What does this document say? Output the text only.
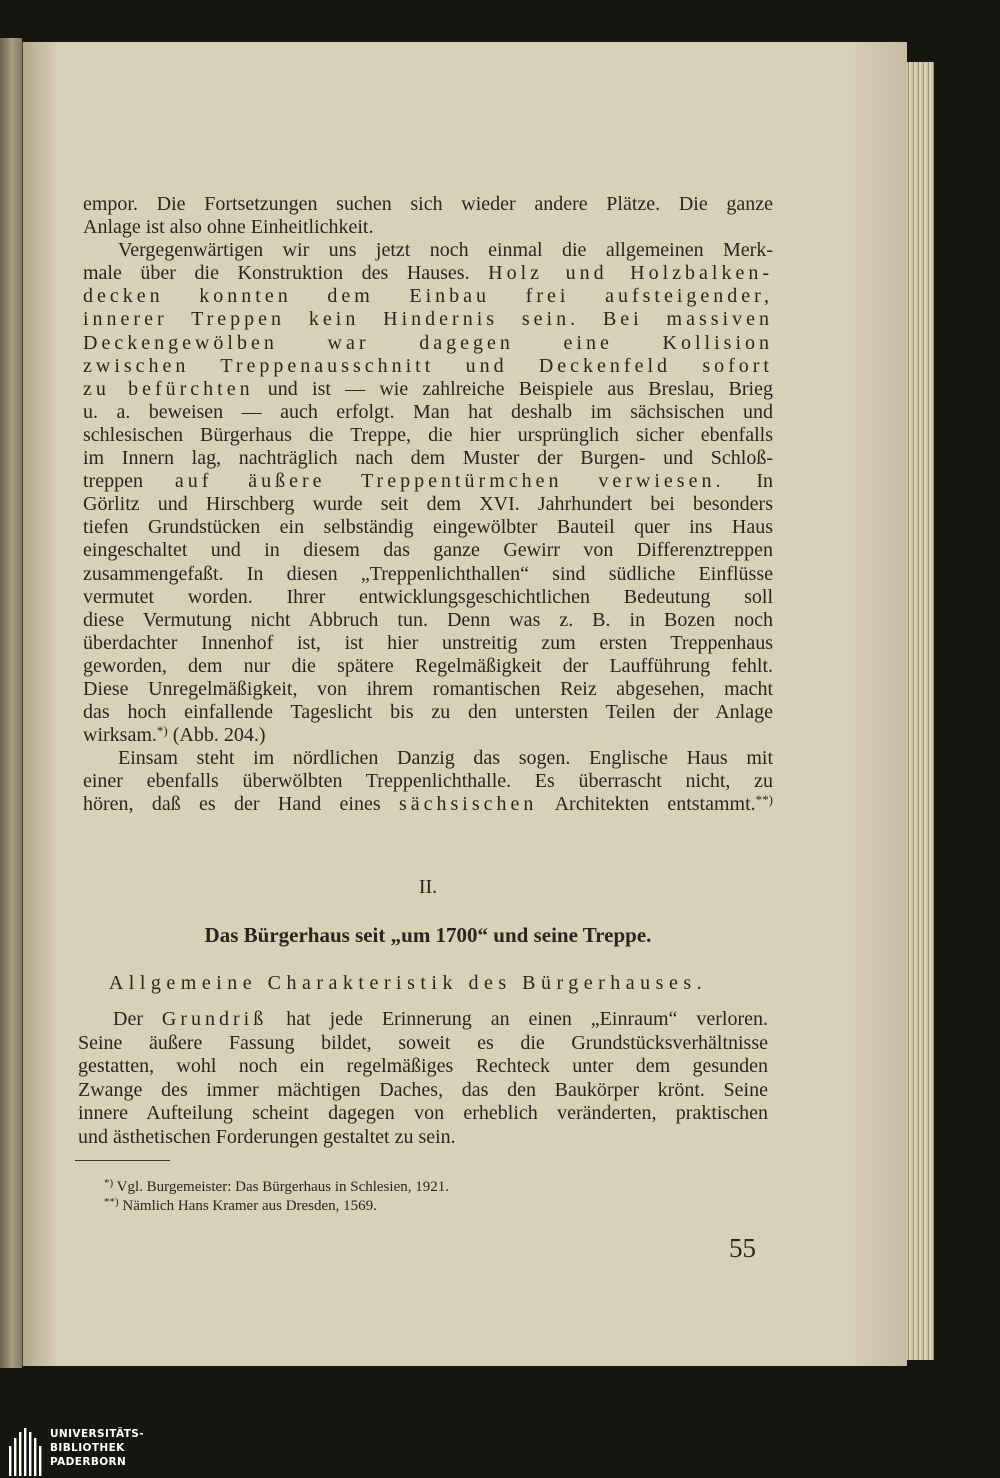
empor. Die Fortsetzungen suchen sich wieder andere Plätze. Die ganze
Anlage ist also ohne Einheitlichkeit.
Vergegenwärtigen wir uns jetzt noch einmal die allgemeinen Merk-
male über die Konstruktion des Hauses. Holz und Holzbalken-
decken konnten dem Einbau frei aufsteigender,
innerer Treppen kein Hindernis sein. Bei massiven
Deckengewölben war dagegen eine Kollision
zwischen Treppenausschnitt und Deckenfeld sofort
zu befürchten und ist — wie zahlreiche Beispiele aus Breslau, Brieg
u. a. beweisen — auch erfolgt. Man hat deshalb im sächsischen und
schlesischen Bürgerhaus die Treppe, die hier ursprünglich sicher ebenfalls
im Innern lag, nachträglich nach dem Muster der Burgen- und Schloß-
treppen auf äußere Treppentürmchen verwiesen. In
Görlitz und Hirschberg wurde seit dem XVI. Jahrhundert bei besonders
tiefen Grundstücken ein selbständig eingewölbter Bauteil quer ins Haus
eingeschaltet und in diesem das ganze Gewirr von Differenztreppen
zusammengefaßt. In diesen „Treppenlichthallen“ sind südliche Einflüsse
vermutet worden. Ihrer entwicklungsgeschichtlichen Bedeutung soll
diese Vermutung nicht Abbruch tun. Denn was z. B. in Bozen noch
überdachter Innenhof ist, ist hier unstreitig zum ersten Treppenhaus
geworden, dem nur die spätere Regelmäßigkeit der Laufführung fehlt.
Diese Unregelmäßigkeit, von ihrem romantischen Reiz abgesehen, macht
das hoch einfallende Tageslicht bis zu den untersten Teilen der Anlage
wirksam.*) (Abb. 204.)
Einsam steht im nördlichen Danzig das sogen. Englische Haus mit
einer ebenfalls überwölbten Treppenlichthalle. Es überrascht nicht, zu
hören, daß es der Hand eines sächsischen Architekten entstammt.**)
II.
Das Bürgerhaus seit „um 1700“ und seine Treppe.
Allgemeine Charakteristik des Bürgerhauses.
Der Grundriß hat jede Erinnerung an einen „Einraum“ verloren.
Seine äußere Fassung bildet, soweit es die Grundstücksverhältnisse
gestatten, wohl noch ein regelmäßiges Rechteck unter dem gesunden
Zwange des immer mächtigen Daches, das den Baukörper krönt. Seine
innere Aufteilung scheint dagegen von erheblich veränderten, praktischen
und ästhetischen Forderungen gestaltet zu sein.
*) Vgl. Burgemeister: Das Bürgerhaus in Schlesien, 1921.
**) Nämlich Hans Kramer aus Dresden, 1569.
55
UNIVERSITÄTS-
BIBLIOTHEK
PADERBORN
